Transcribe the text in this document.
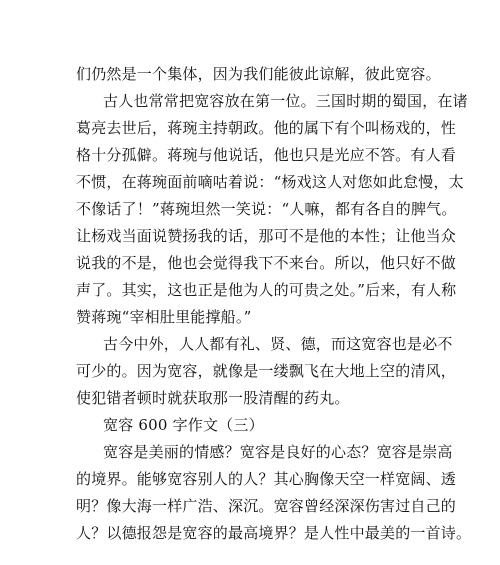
们仍然是一个集体，因为我们能彼此谅解，彼此宽容。
古人也常常把宽容放在第一位。三国时期的蜀国，在诸
葛亮去世后，蒋琬主持朝政。他的属下有个叫杨戏的，性
格十分孤僻。蒋琬与他说话，他也只是光应不答。有人看
不惯，在蒋琬面前嘀咕着说：“杨戏这人对您如此怠慢，太
不像话了！”蒋琬坦然一笑说：“人嘛，都有各自的脾气。
让杨戏当面说赞扬我的话，那可不是他的本性；让他当众
说我的不是，他也会觉得我下不来台。所以，他只好不做
声了。其实，这也正是他为人的可贵之处。”后来，有人称
赞蒋琬“宰相肚里能撑船。”
古今中外，人人都有礼、贤、德，而这宽容也是必不
可少的。因为宽容，就像是一缕飘飞在大地上空的清风，
使犯错者顿时就获取那一股清醒的药丸。
宽容 600 字作文（三）
宽容是美丽的情感？宽容是良好的心态？宽容是崇高
的境界。能够宽容别人的人？其心胸像天空一样宽阔、透
明？像大海一样广浩、深沉。宽容曾经深深伤害过自己的
人？以德报怨是宽容的最高境界？是人性中最美的一首诗。
